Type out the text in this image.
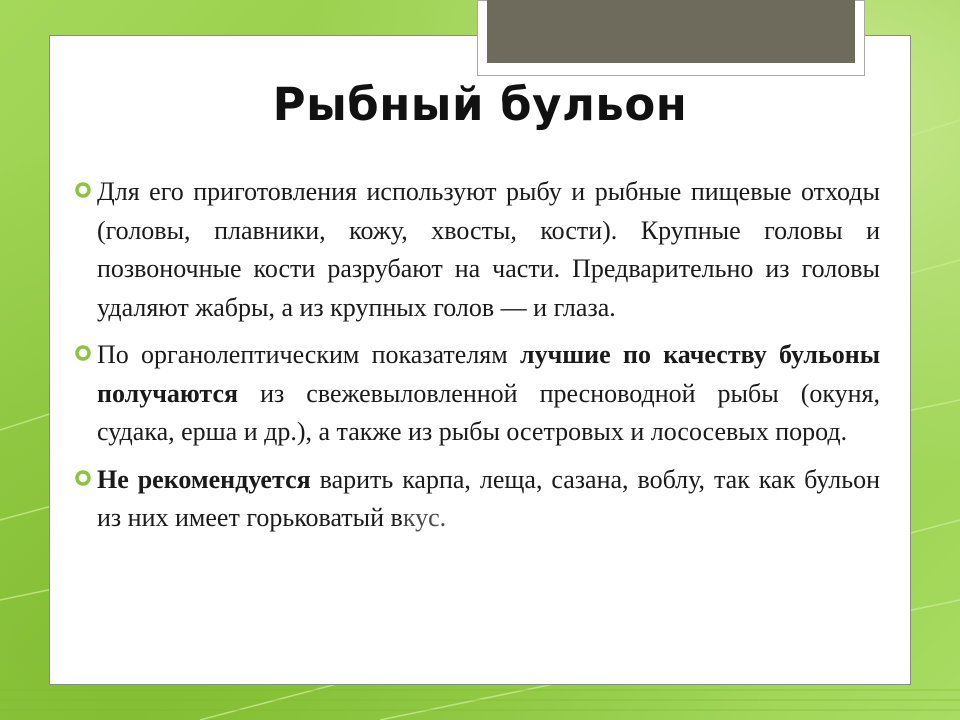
Рыбный бульон
Для его приготовления используют рыбу и рыбные пищевые отходы (головы, плавники, кожу, хвосты, кости). Крупные головы и позвоночные кости разрубают на части. Предварительно из головы удаляют жабры, а из крупных голов — и глаза.
По органолептическим показателям лучшие по качеству бульоны получаются из свежевыловленной пресноводной рыбы (окуня, судака, ерша и др.), а также из рыбы осетровых и лососевых пород.
Не рекомендуется варить карпа, леща, сазана, воблу, так как бульон из них имеет горьковатый вкус.
